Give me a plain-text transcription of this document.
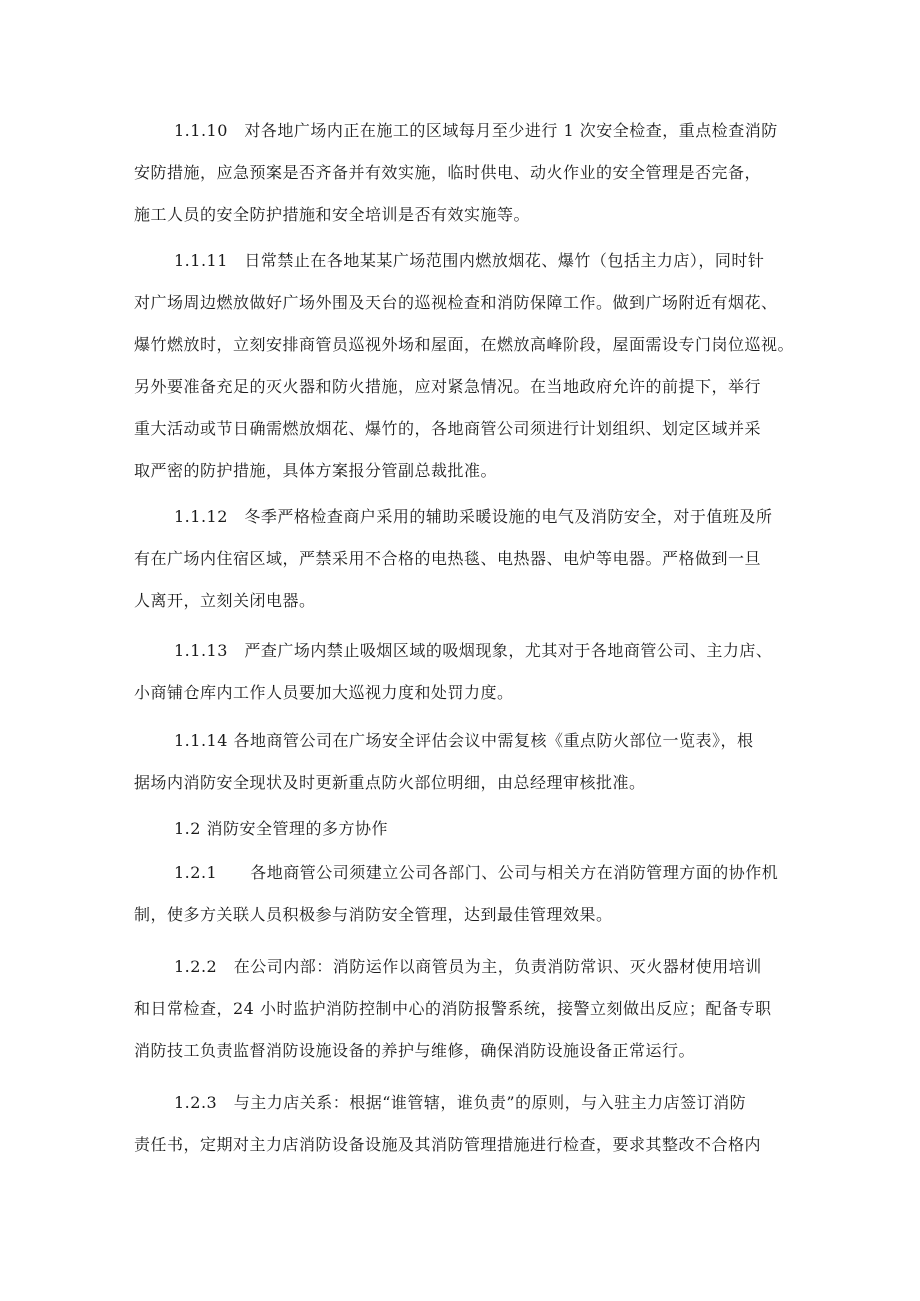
1.1.10　对各地广场内正在施工的区域每月至少进行 1 次安全检查，重点检查消防
安防措施，应急预案是否齐备并有效实施，临时供电、动火作业的安全管理是否完备，
施工人员的安全防护措施和安全培训是否有效实施等。
1.1.11　日常禁止在各地某某广场范围内燃放烟花、爆竹（包括主力店），同时针
对广场周边燃放做好广场外围及天台的巡视检查和消防保障工作。做到广场附近有烟花、
爆竹燃放时，立刻安排商管员巡视外场和屋面，在燃放高峰阶段，屋面需设专门岗位巡视。
另外要准备充足的灭火器和防火措施，应对紧急情况。在当地政府允许的前提下，举行
重大活动或节日确需燃放烟花、爆竹的，各地商管公司须进行计划组织、划定区域并采
取严密的防护措施，具体方案报分管副总裁批准。
1.1.12　冬季严格检查商户采用的辅助采暖设施的电气及消防安全，对于值班及所
有在广场内住宿区域，严禁采用不合格的电热毯、电热器、电炉等电器。严格做到一旦
人离开，立刻关闭电器。
1.1.13　严查广场内禁止吸烟区域的吸烟现象，尤其对于各地商管公司、主力店、
小商铺仓库内工作人员要加大巡视力度和处罚力度。
1.1.14 各地商管公司在广场安全评估会议中需复核《重点防火部位一览表》，根
据场内消防安全现状及时更新重点防火部位明细，由总经理审核批准。
1.2 消防安全管理的多方协作
1.2.1　　各地商管公司须建立公司各部门、公司与相关方在消防管理方面的协作机
制，使多方关联人员积极参与消防安全管理，达到最佳管理效果。
1.2.2　在公司内部：消防运作以商管员为主，负责消防常识、灭火器材使用培训
和日常检查，24 小时监护消防控制中心的消防报警系统，接警立刻做出反应；配备专职
消防技工负责监督消防设施设备的养护与维修，确保消防设施设备正常运行。
1.2.3　与主力店关系：根据“谁管辖，谁负责”的原则，与入驻主力店签订消防
责任书，定期对主力店消防设备设施及其消防管理措施进行检查，要求其整改不合格内
